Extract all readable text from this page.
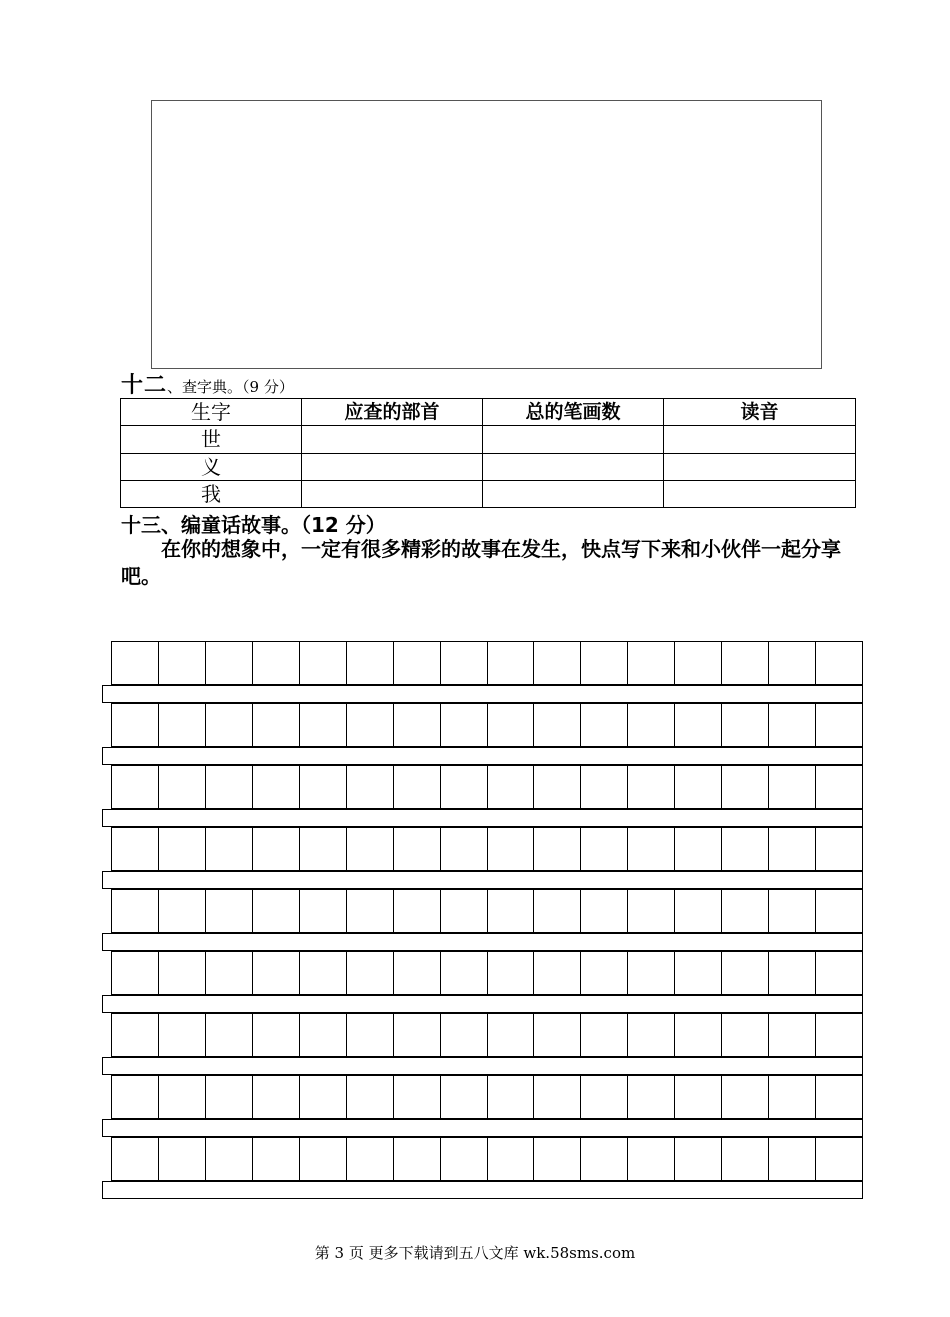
十二、查字典。（9 分）
生字	应查的部首	总的笔画数	读音
世			
义			
我			
十三、编童话故事。（12 分）
在你的想象中，一定有很多精彩的故事在发生，快点写下来和小伙伴一起分享吧。
第 3 页 更多下载请到五八文库 wk.58sms.com
